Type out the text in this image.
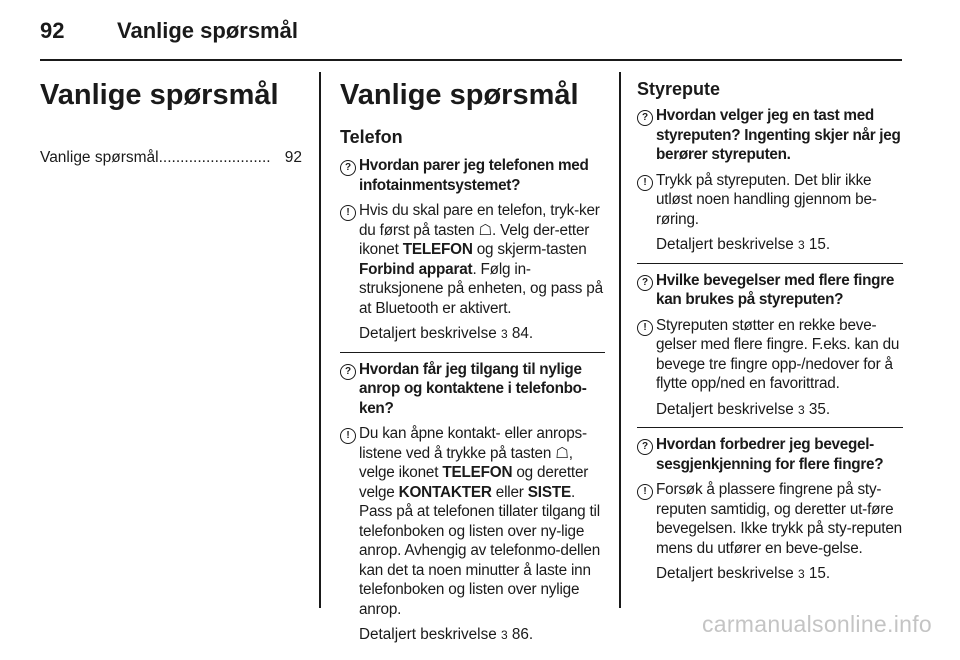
92 Vanlige spørsmål
Vanlige spørsmål
Vanlige spørsmål .......................... 92
Vanlige spørsmål
Telefon
? Hvordan parer jeg telefonen med infotainmentsystemet?
! Hvis du skal pare en telefon, tryk-ker du først på tasten ☖. Velg der-etter ikonet TELEFON og skjerm-tasten Forbind apparat. Følg in-struksjonene på enheten, og pass på at Bluetooth er aktivert.
Detaljert beskrivelse 3 84.
? Hvordan får jeg tilgang til nylige anrop og kontaktene i telefonbo-ken?
! Du kan åpne kontakt- eller anrops-listene ved å trykke på tasten ☖, velge ikonet TELEFON og deretter velge KONTAKTER eller SISTE. Pass på at telefonen tillater tilgang til telefonboken og listen over ny-lige anrop. Avhengig av telefonmo-dellen kan det ta noen minutter å laste inn telefonboken og listen over nylige anrop.
Detaljert beskrivelse 3 86.
Styrepute
? Hvordan velger jeg en tast med styreputen? Ingenting skjer når jeg berører styreputen.
! Trykk på styreputen. Det blir ikke utløst noen handling gjennom be-røring.
Detaljert beskrivelse 3 15.
? Hvilke bevegelser med flere fingre kan brukes på styreputen?
! Styreputen støtter en rekke beve-gelser med flere fingre. F.eks. kan du bevege tre fingre opp-/nedover for å flytte opp/ned en favorittrad.
Detaljert beskrivelse 3 35.
? Hvordan forbedrer jeg bevegel-sesgjenkjenning for flere fingre?
! Forsøk å plassere fingrene på sty-reputen samtidig, og deretter ut-føre bevegelsen. Ikke trykk på sty-reputen mens du utfører en beve-gelse.
Detaljert beskrivelse 3 15.
carmanualsonline.info
